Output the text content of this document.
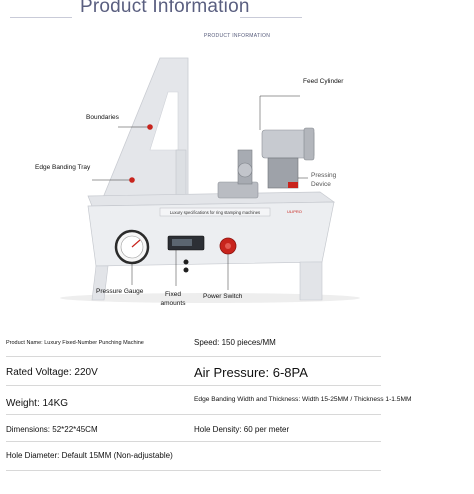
Product Information
PRODUCT INFORMATION
Luxury specifications for ring stamping machines	ULIPRO
Feed Cylinder
Boundaries
Edge Banding Tray
Pressing Device
Pressure Gauge	Fixed amounts
Power Switch
Product Name: Luxury Fixed-Number Punching Machine	Speed: 150 pieces/MM
Rated Voltage: 220V	Air Pressure: 6-8PA
Weight: 14KG	Edge Banding Width and Thickness: Width 15-25MM / Thickness 1-1.5MM
Dimensions: 52*22*45CM	Hole Density: 60 per meter
Hole Diameter: Default 15MM (Non-adjustable)
